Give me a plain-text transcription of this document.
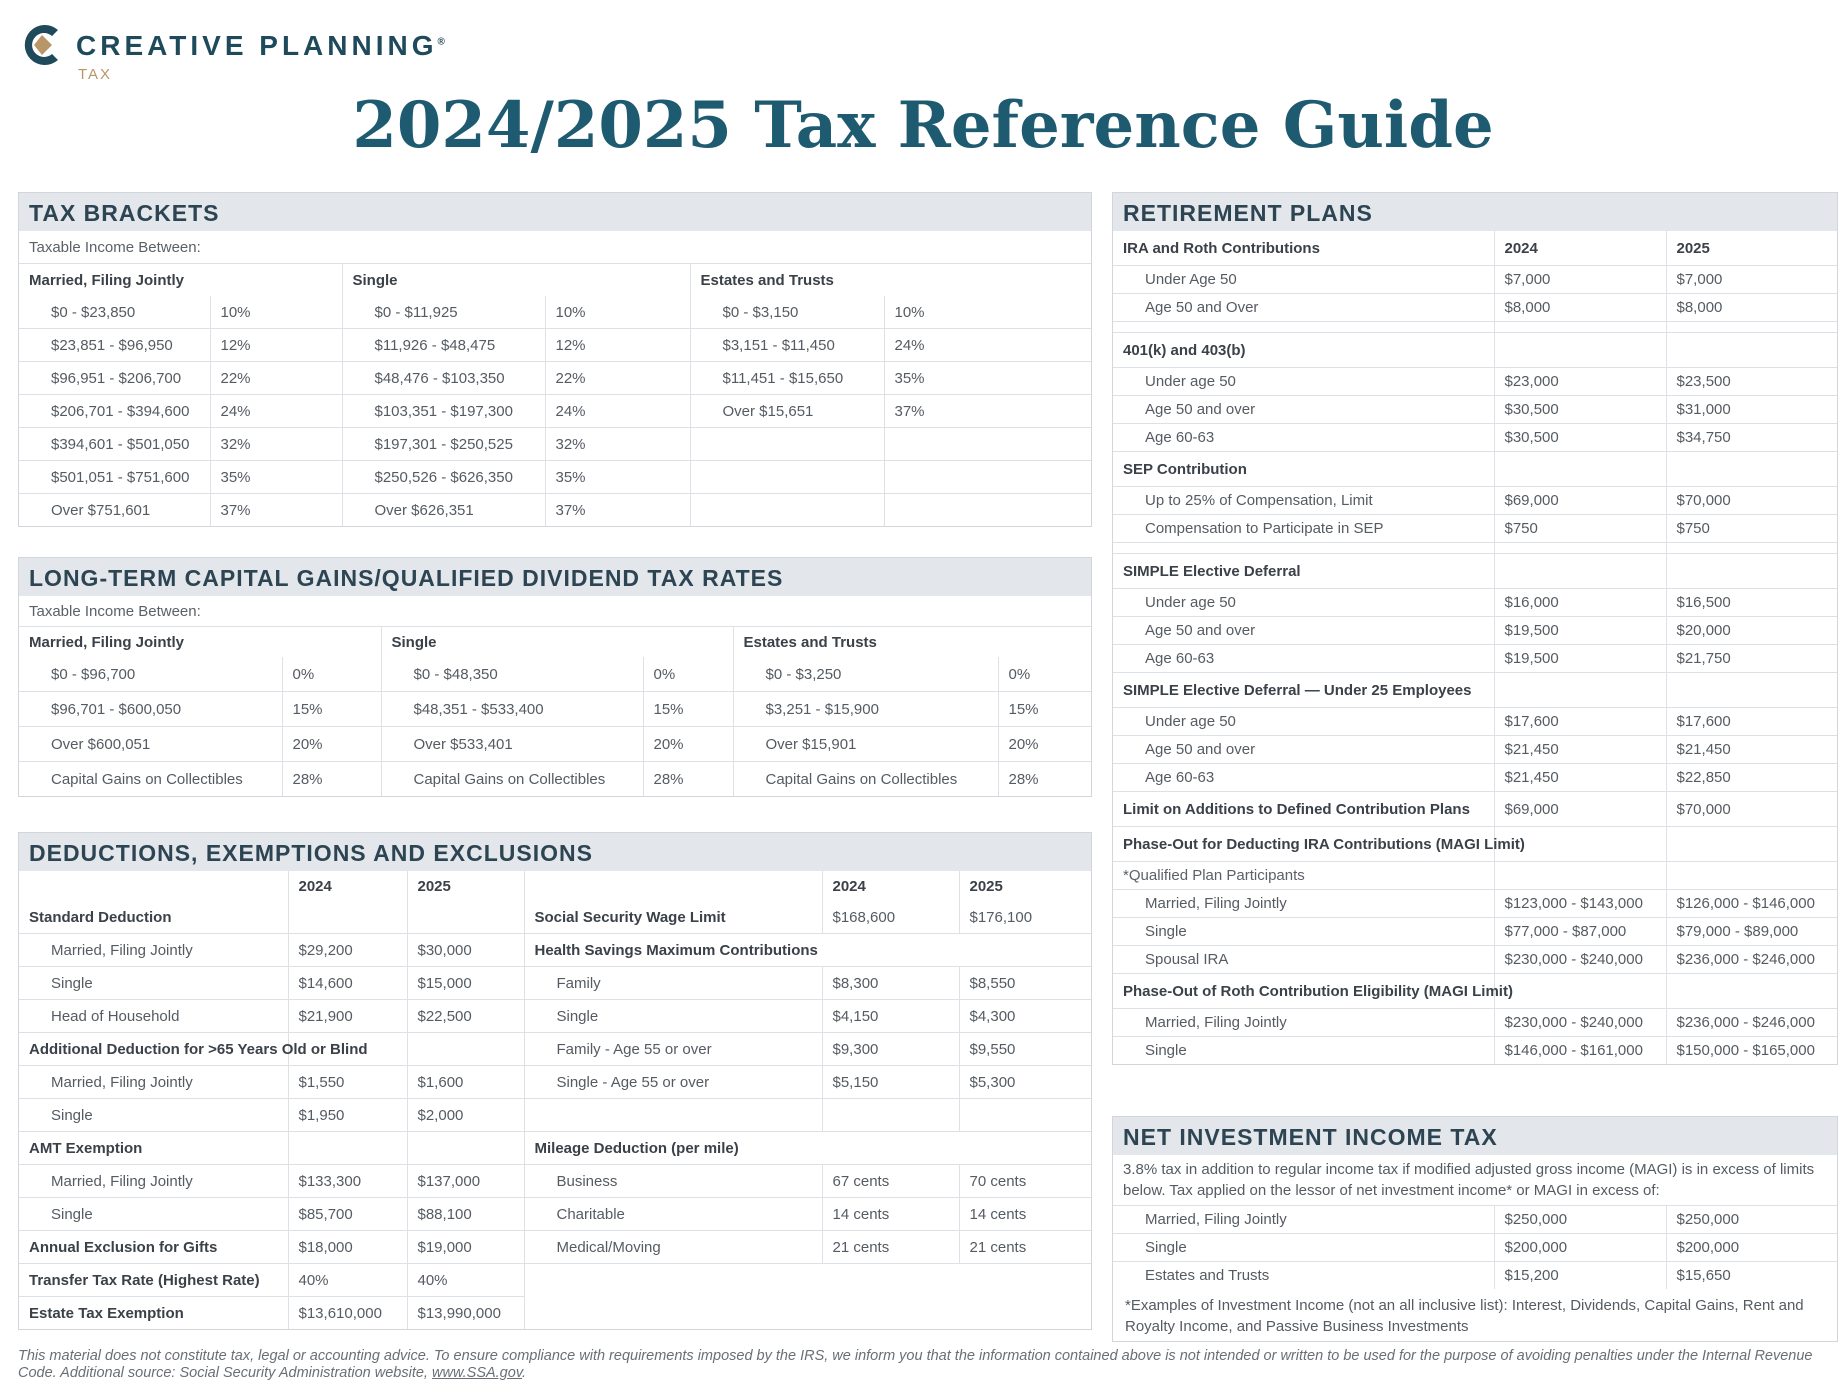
CREATIVE PLANNING®
TAX
2024/2025 Tax Reference Guide
TAX BRACKETS
Taxable Income Between:					
Married, Filing Jointly		Single		Estates and Trusts	
$0 - $23,850	10%	$0 - $11,925	10%	$0 - $3,150	10%
$23,851 - $96,950	12%	$11,926 - $48,475	12%	$3,151 - $11,450	24%
$96,951 - $206,700	22%	$48,476 - $103,350	22%	$11,451 - $15,650	35%
$206,701 - $394,600	24%	$103,351 - $197,300	24%	Over $15,651	37%
$394,601 - $501,050	32%	$197,301 - $250,525	32%		
$501,051 - $751,600	35%	$250,526 - $626,350	35%		
Over $751,601	37%	Over $626,351	37%		
LONG-TERM CAPITAL GAINS/QUALIFIED DIVIDEND TAX RATES
Taxable Income Between:					
Married, Filing Jointly		Single		Estates and Trusts	
$0 - $96,700	0%	$0 - $48,350	0%	$0 - $3,250	0%
$96,701 - $600,050	15%	$48,351 - $533,400	15%	$3,251 - $15,900	15%
Over $600,051	20%	Over $533,401	20%	Over $15,901	20%
Capital Gains on Collectibles	28%	Capital Gains on Collectibles	28%	Capital Gains on Collectibles	28%
DEDUCTIONS, EXEMPTIONS AND EXCLUSIONS
	2024	2025		2024	2025
Standard Deduction			Social Security Wage Limit	$168,600	$176,100
Married, Filing Jointly	$29,200	$30,000	Health Savings Maximum Contributions		
Single	$14,600	$15,000	Family	$8,300	$8,550
Head of Household	$21,900	$22,500	Single	$4,150	$4,300
Additional Deduction for >65 Years Old or Blind			Family - Age 55 or over	$9,300	$9,550
Married, Filing Jointly	$1,550	$1,600	Single - Age 55 or over	$5,150	$5,300
Single	$1,950	$2,000			
AMT Exemption			Mileage Deduction (per mile)		
Married, Filing Jointly	$133,300	$137,000	Business	67 cents	70 cents
Single	$85,700	$88,100	Charitable	14 cents	14 cents
Annual Exclusion for Gifts	$18,000	$19,000	Medical/Moving	21 cents	21 cents
Transfer Tax Rate (Highest Rate)	40%	40%			
Estate Tax Exemption	$13,610,000	$13,990,000			
RETIREMENT PLANS
IRA and Roth Contributions	2024	2025
Under Age 50	$7,000	$7,000
Age 50 and Over	$8,000	$8,000

401(k) and 403(b)		
Under age 50	$23,000	$23,500
Age 50 and over	$30,500	$31,000
Age 60-63	$30,500	$34,750
SEP Contribution		
Up to 25% of Compensation, Limit	$69,000	$70,000
Compensation to Participate in SEP	$750	$750

SIMPLE Elective Deferral		
Under age 50	$16,000	$16,500
Age 50 and over	$19,500	$20,000
Age 60-63	$19,500	$21,750
SIMPLE Elective Deferral — Under 25 Employees		
Under age 50	$17,600	$17,600
Age 50 and over	$21,450	$21,450
Age 60-63	$21,450	$22,850
Limit on Additions to Defined Contribution Plans	$69,000	$70,000
Phase-Out for Deducting IRA Contributions (MAGI Limit)		
*Qualified Plan Participants		
Married, Filing Jointly	$123,000 - $143,000	$126,000 - $146,000
Single	$77,000 - $87,000	$79,000 - $89,000
Spousal IRA	$230,000 - $240,000	$236,000 - $246,000
Phase-Out of Roth Contribution Eligibility (MAGI Limit)		
Married, Filing Jointly	$230,000 - $240,000	$236,000 - $246,000
Single	$146,000 - $161,000	$150,000 - $165,000
NET INVESTMENT INCOME TAX
3.8% tax in addition to regular income tax if modified adjusted gross income (MAGI) is in excess of limits below. Tax applied on the lessor of net investment income* or MAGI in excess of:
Married, Filing Jointly	$250,000	$250,000
Single	$200,000	$200,000
Estates and Trusts	$15,200	$15,650
*Examples of Investment Income (not an all inclusive list): Interest, Dividends, Capital Gains, Rent and Royalty Income, and Passive Business Investments
This material does not constitute tax, legal or accounting advice. To ensure compliance with requirements imposed by the IRS, we inform you that the information contained above is not intended or written to be used for the purpose of avoiding penalties under the Internal Revenue Code. Additional source: Social Security Administration website, www.SSA.gov.
